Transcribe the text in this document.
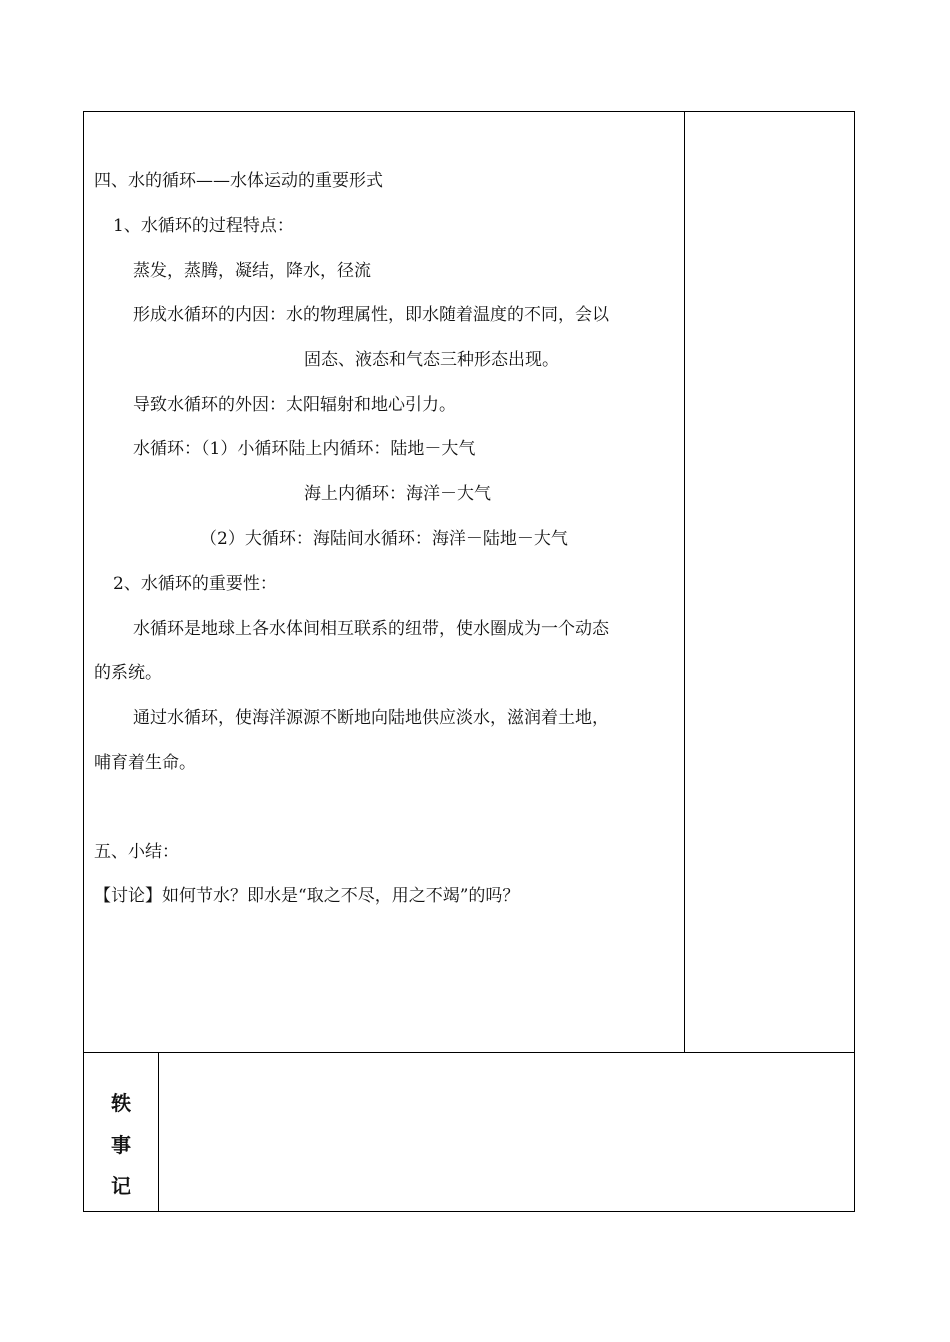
四、水的循环——水体运动的重要形式
1、水循环的过程特点：
蒸发，蒸腾，凝结，降水，径流
形成水循环的内因：水的物理属性，即水随着温度的不同，会以
固态、液态和气态三种形态出现。
导致水循环的外因：太阳辐射和地心引力。
水循环：（1）小循环陆上内循环：陆地－大气
海上内循环：海洋－大气
（2）大循环：海陆间水循环：海洋－陆地－大气
2、水循环的重要性：
水循环是地球上各水体间相互联系的纽带，使水圈成为一个动态
的系统。
通过水循环，使海洋源源不断地向陆地供应淡水，滋润着土地，
哺育着生命。
五、小结：
【讨论】如何节水？即水是“取之不尽，用之不竭”的吗？
轶
事
记
